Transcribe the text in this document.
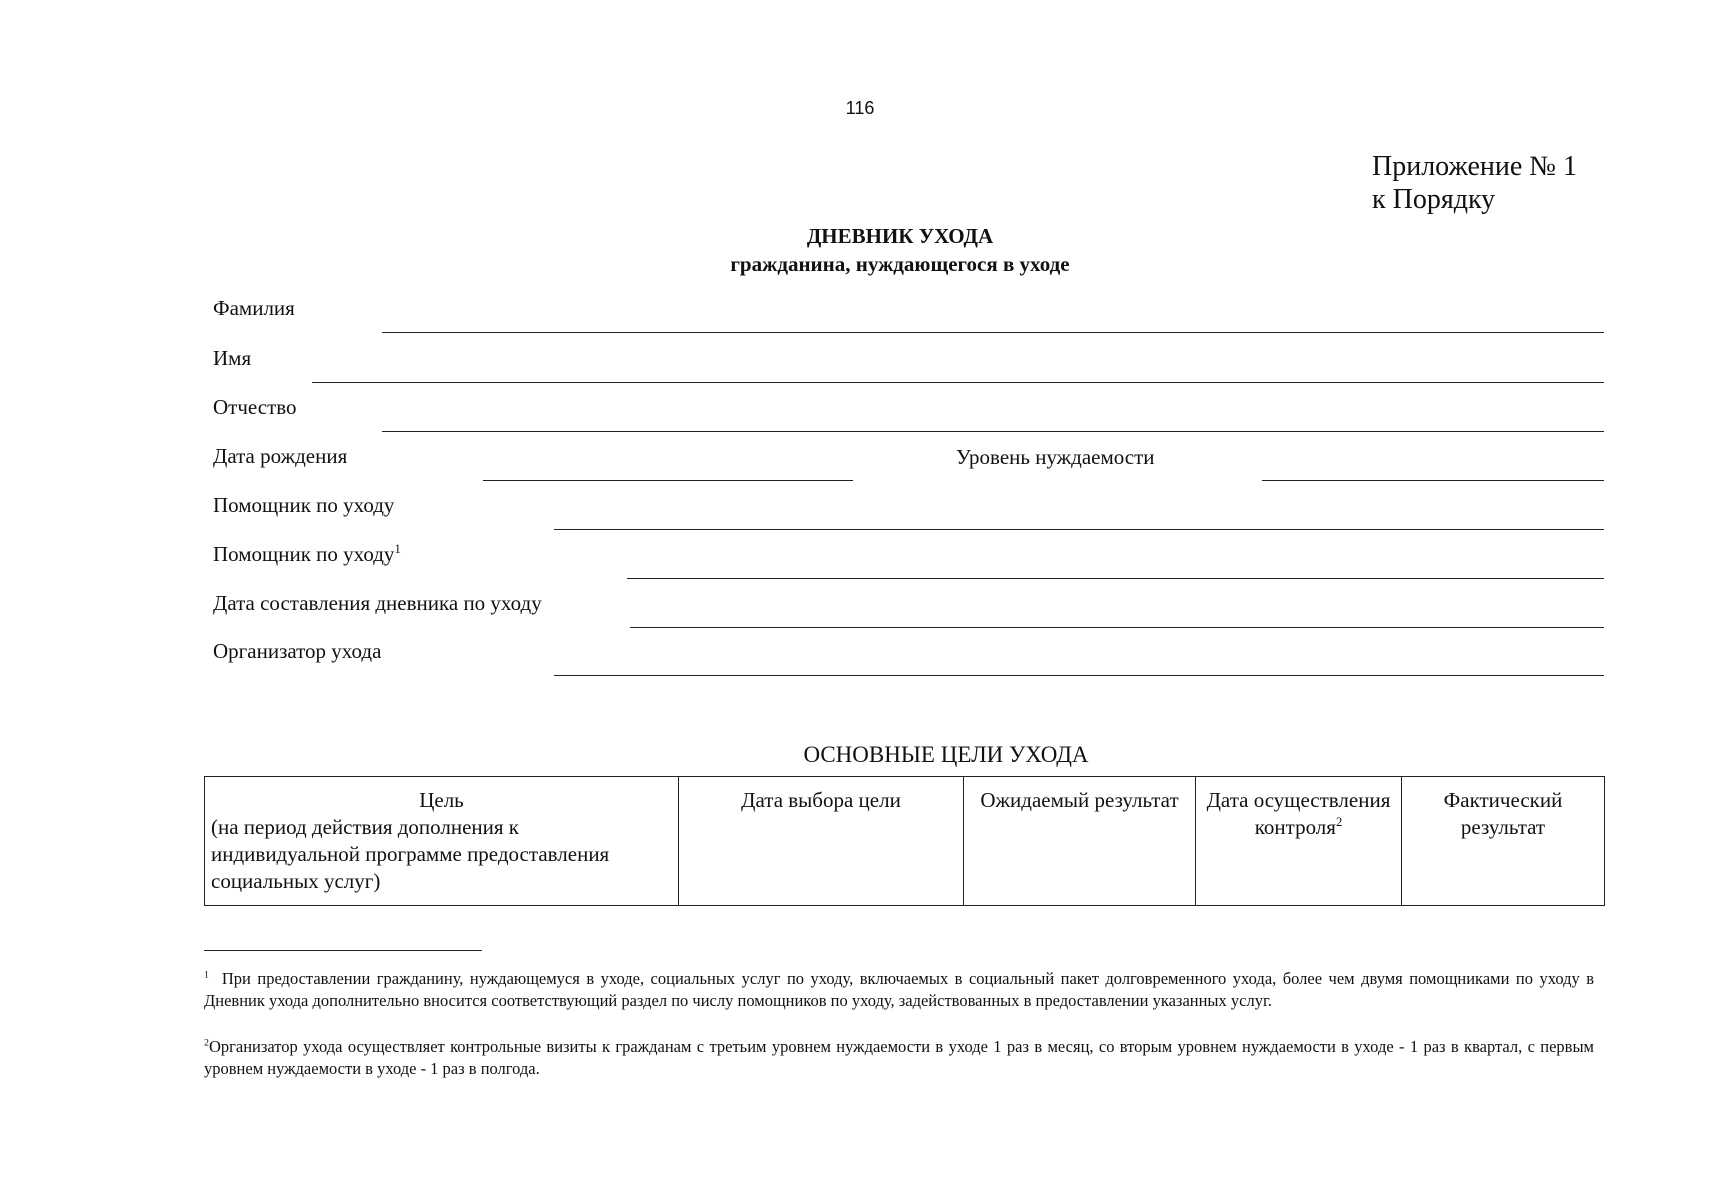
116
Приложение № 1
к Порядку
ДНЕВНИК УХОДА
гражданина, нуждающегося в уходе
Фамилия
Имя
Отчество
Дата рождения	Уровень нуждаемости
Помощник по уходу
Помощник по уходу$^1$
Дата составления дневника по уходу
Организатор ухода
ОСНОВНЫЕ ЦЕЛИ УХОДА
Цель
(на период действия дополнения к индивидуальной программе предоставления социальных услуг)	Дата выбора цели	Ожидаемый результат	Дата осуществления контроля$^2$	Фактический результат
$^1$ При предоставлении гражданину, нуждающемуся в уходе, социальных услуг по уходу, включаемых в социальный пакет долговременного ухода, более чем двумя помощниками по уходу в Дневник ухода дополнительно вносится соответствующий раздел по числу помощников по уходу, задействованных в предоставлении указанных услуг.
$^2$Организатор ухода осуществляет контрольные визиты к гражданам с третьим уровнем нуждаемости в уходе 1 раз в месяц, со вторым уровнем нуждаемости в уходе - 1 раз в квартал, с первым уровнем нуждаемости в уходе - 1 раз в полгода.
